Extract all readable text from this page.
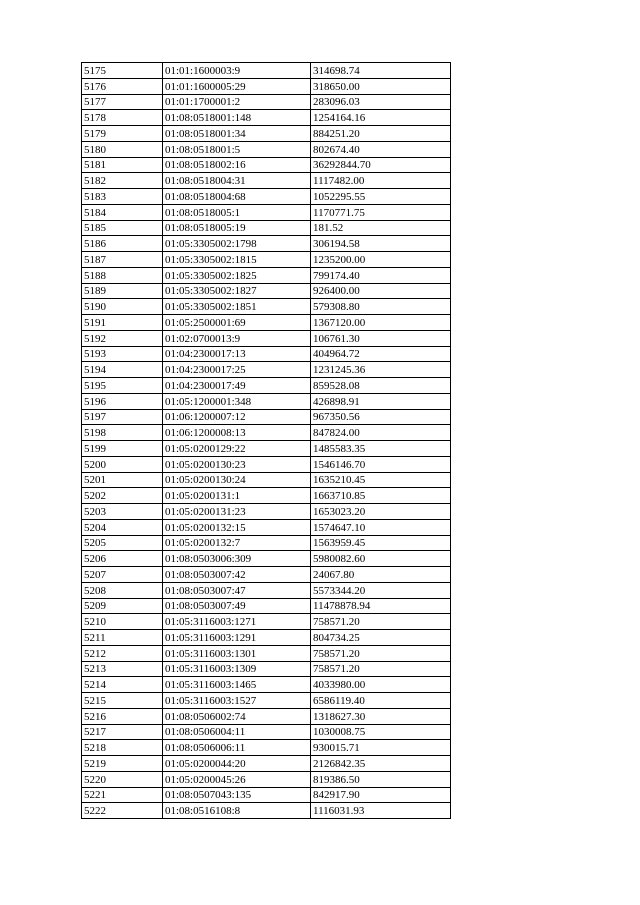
5175	01:01:1600003:9	314698.74
5176	01:01:1600005:29	318650.00
5177	01:01:1700001:2	283096.03
5178	01:08:0518001:148	1254164.16
5179	01:08:0518001:34	884251.20
5180	01:08:0518001:5	802674.40
5181	01:08:0518002:16	36292844.70
5182	01:08:0518004:31	1117482.00
5183	01:08:0518004:68	1052295.55
5184	01:08:0518005:1	1170771.75
5185	01:08:0518005:19	181.52
5186	01:05:3305002:1798	306194.58
5187	01:05:3305002:1815	1235200.00
5188	01:05:3305002:1825	799174.40
5189	01:05:3305002:1827	926400.00
5190	01:05:3305002:1851	579308.80
5191	01:05:2500001:69	1367120.00
5192	01:02:0700013:9	106761.30
5193	01:04:2300017:13	404964.72
5194	01:04:2300017:25	1231245.36
5195	01:04:2300017:49	859528.08
5196	01:05:1200001:348	426898.91
5197	01:06:1200007:12	967350.56
5198	01:06:1200008:13	847824.00
5199	01:05:0200129:22	1485583.35
5200	01:05:0200130:23	1546146.70
5201	01:05:0200130:24	1635210.45
5202	01:05:0200131:1	1663710.85
5203	01:05:0200131:23	1653023.20
5204	01:05:0200132:15	1574647.10
5205	01:05:0200132:7	1563959.45
5206	01:08:0503006:309	5980082.60
5207	01:08:0503007:42	24067.80
5208	01:08:0503007:47	5573344.20
5209	01:08:0503007:49	11478878.94
5210	01:05:3116003:1271	758571.20
5211	01:05:3116003:1291	804734.25
5212	01:05:3116003:1301	758571.20
5213	01:05:3116003:1309	758571.20
5214	01:05:3116003:1465	4033980.00
5215	01:05:3116003:1527	6586119.40
5216	01:08:0506002:74	1318627.30
5217	01:08:0506004:11	1030008.75
5218	01:08:0506006:11	930015.71
5219	01:05:0200044:20	2126842.35
5220	01:05:0200045:26	819386.50
5221	01:08:0507043:135	842917.90
5222	01:08:0516108:8	1116031.93
